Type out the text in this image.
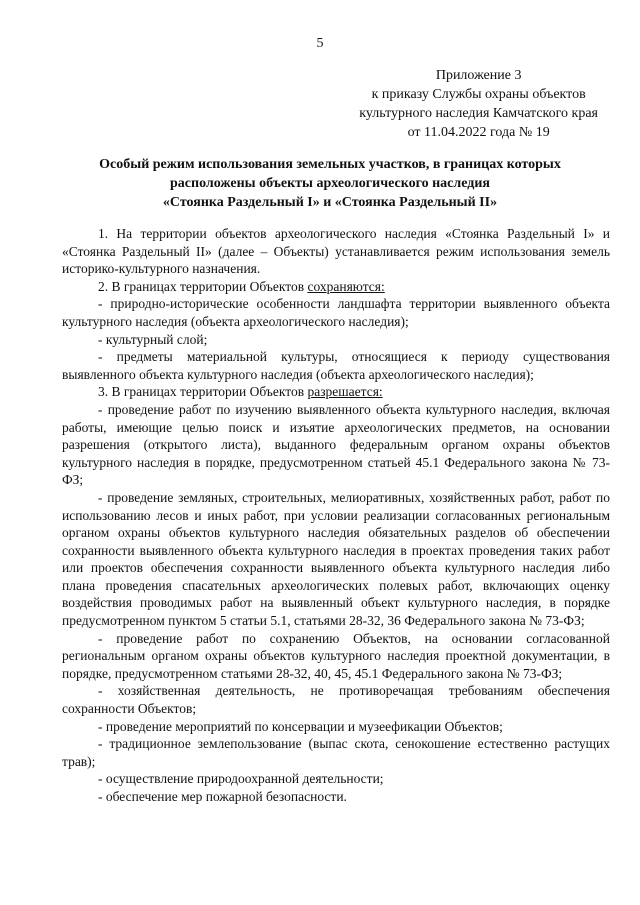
5
Приложение 3
к приказу Службы охраны объектов
культурного наследия Камчатского края
от 11.04.2022 года № 19
Особый режим использования земельных участков, в границах которых
расположены объекты археологического наследия
«Стоянка Раздельный I» и «Стоянка Раздельный II»

1. На территории объектов археологического наследия «Стоянка Раздельный I» и «Стоянка Раздельный II» (далее – Объекты) устанавливается режим использования земель историко-культурного назначения.

2. В границах территории Объектов сохраняются:

- природно-исторические особенности ландшафта территории выявленного объекта культурного наследия (объекта археологического наследия);

- культурный слой;

- предметы материальной культуры, относящиеся к периоду существования выявленного объекта культурного наследия (объекта археологического наследия);

3. В границах территории Объектов разрешается:

- проведение работ по изучению выявленного объекта культурного наследия, включая работы, имеющие целью поиск и изъятие археологических предметов, на основании разрешения (открытого листа), выданного федеральным органом охраны объектов культурного наследия в порядке, предусмотренном статьей 45.1 Федерального закона № 73-ФЗ;

- проведение земляных, строительных, мелиоративных, хозяйственных работ, работ по использованию лесов и иных работ, при условии реализации согласованных региональным органом охраны объектов культурного наследия обязательных разделов об обеспечении сохранности выявленного объекта культурного наследия в проектах проведения таких работ или проектов обеспечения сохранности выявленного объекта культурного наследия либо плана проведения спасательных археологических полевых работ, включающих оценку воздействия проводимых работ на выявленный объект культурного наследия, в порядке предусмотренном пунктом 5 статьи 5.1, статьями 28-32, 36 Федерального закона № 73-ФЗ;

- проведение работ по сохранению Объектов, на основании согласованной региональным органом охраны объектов культурного наследия проектной документации, в порядке, предусмотренном статьями 28-32, 40, 45, 45.1 Федерального закона № 73-ФЗ;

- хозяйственная деятельность, не противоречащая требованиям обеспечения сохранности Объектов;

- проведение мероприятий по консервации и музеефикации Объектов;

- традиционное землепользование (выпас скота, сенокошение естественно растущих трав);

- осуществление природоохранной деятельности;

- обеспечение мер пожарной безопасности.
